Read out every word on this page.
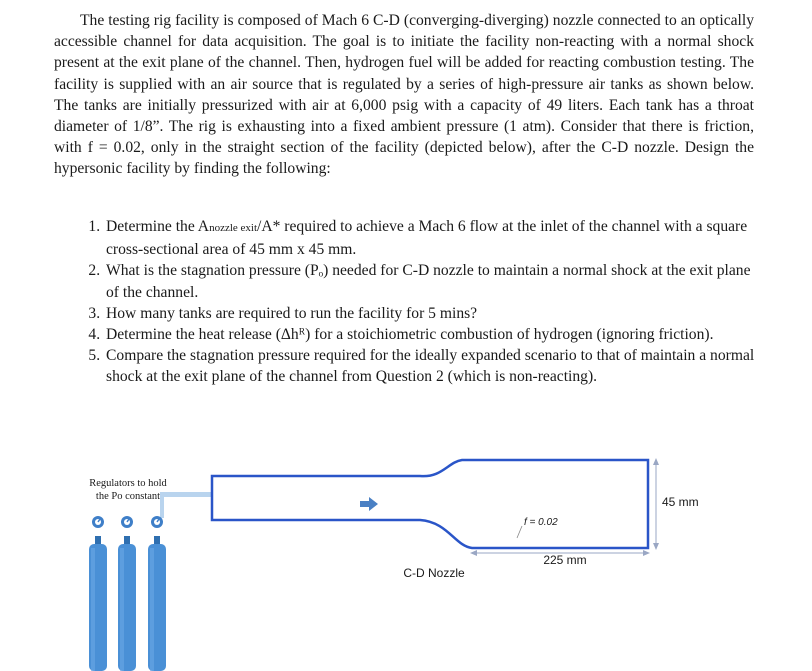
The testing rig facility is composed of Mach 6 C-D (converging-diverging) nozzle connected to an optically accessible channel for data acquisition. The goal is to initiate the facility non-reacting with a normal shock present at the exit plane of the channel. Then, hydrogen fuel will be added for reacting combustion testing. The facility is supplied with an air source that is regulated by a series of high-pressure air tanks as shown below. The tanks are initially pressurized with air at 6,000 psig with a capacity of 49 liters. Each tank has a throat diameter of 1/8”. The rig is exhausting into a fixed ambient pressure (1 atm). Consider that there is friction, with f = 0.02, only in the straight section of the facility (depicted below), after the C-D nozzle. Design the hypersonic facility by finding the following:

1. Determine the Anozzle exit/A* required to achieve a Mach 6 flow at the inlet of the channel with a square cross-sectional area of 45 mm x 45 mm.
2. What is the stagnation pressure (Pₒ) needed for C-D nozzle to maintain a normal shock at the exit plane of the channel.
3. How many tanks are required to run the facility for 5 mins?
4. Determine the heat release (Δhᴿ) for a stoichiometric combustion of hydrogen (ignoring friction).
5. Compare the stagnation pressure required for the ideally expanded scenario to that of maintain a normal shock at the exit plane of the channel from Question 2 (which is non-reacting).
Regulators to hold
the Po constant
f = 0.02
45 mm
225 mm
C-D Nozzle
